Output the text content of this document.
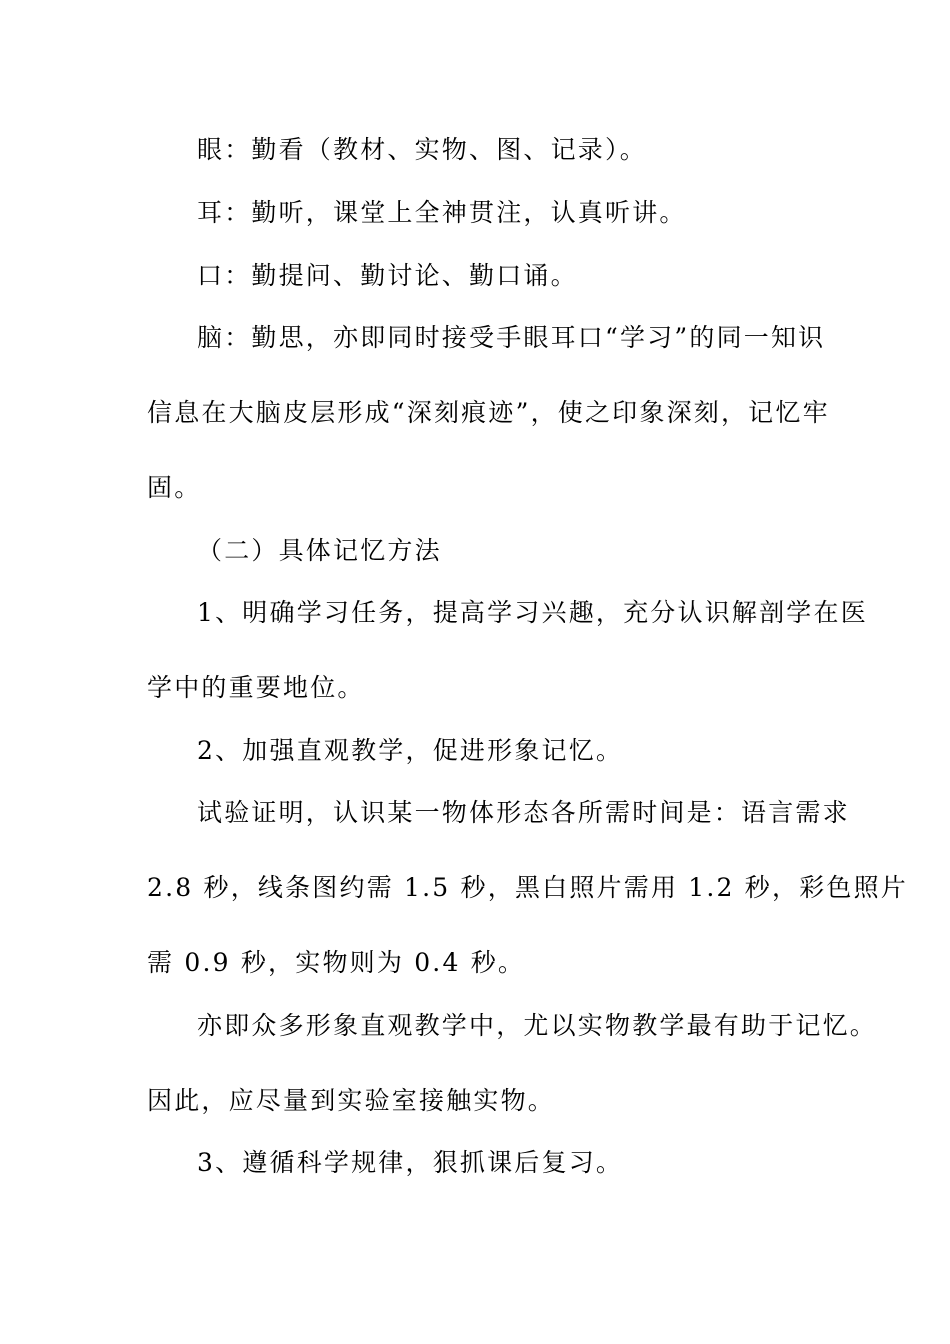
眼：勤看（教材、实物、图、记录）。
耳：勤听，课堂上全神贯注，认真听讲。
口：勤提问、勤讨论、勤口诵。
脑：勤思，亦即同时接受手眼耳口“学习”的同一知识
信息在大脑皮层形成“深刻痕迹”，使之印象深刻，记忆牢
固。
（二）具体记忆方法
1、明确学习任务，提高学习兴趣，充分认识解剖学在医
学中的重要地位。
2、加强直观教学，促进形象记忆。
试验证明，认识某一物体形态各所需时间是：语言需求
2.8 秒，线条图约需 1.5 秒，黑白照片需用 1.2 秒，彩色照片
需 0.9 秒，实物则为 0.4 秒。
亦即众多形象直观教学中，尤以实物教学最有助于记忆。
因此，应尽量到实验室接触实物。
3、遵循科学规律，狠抓课后复习。
